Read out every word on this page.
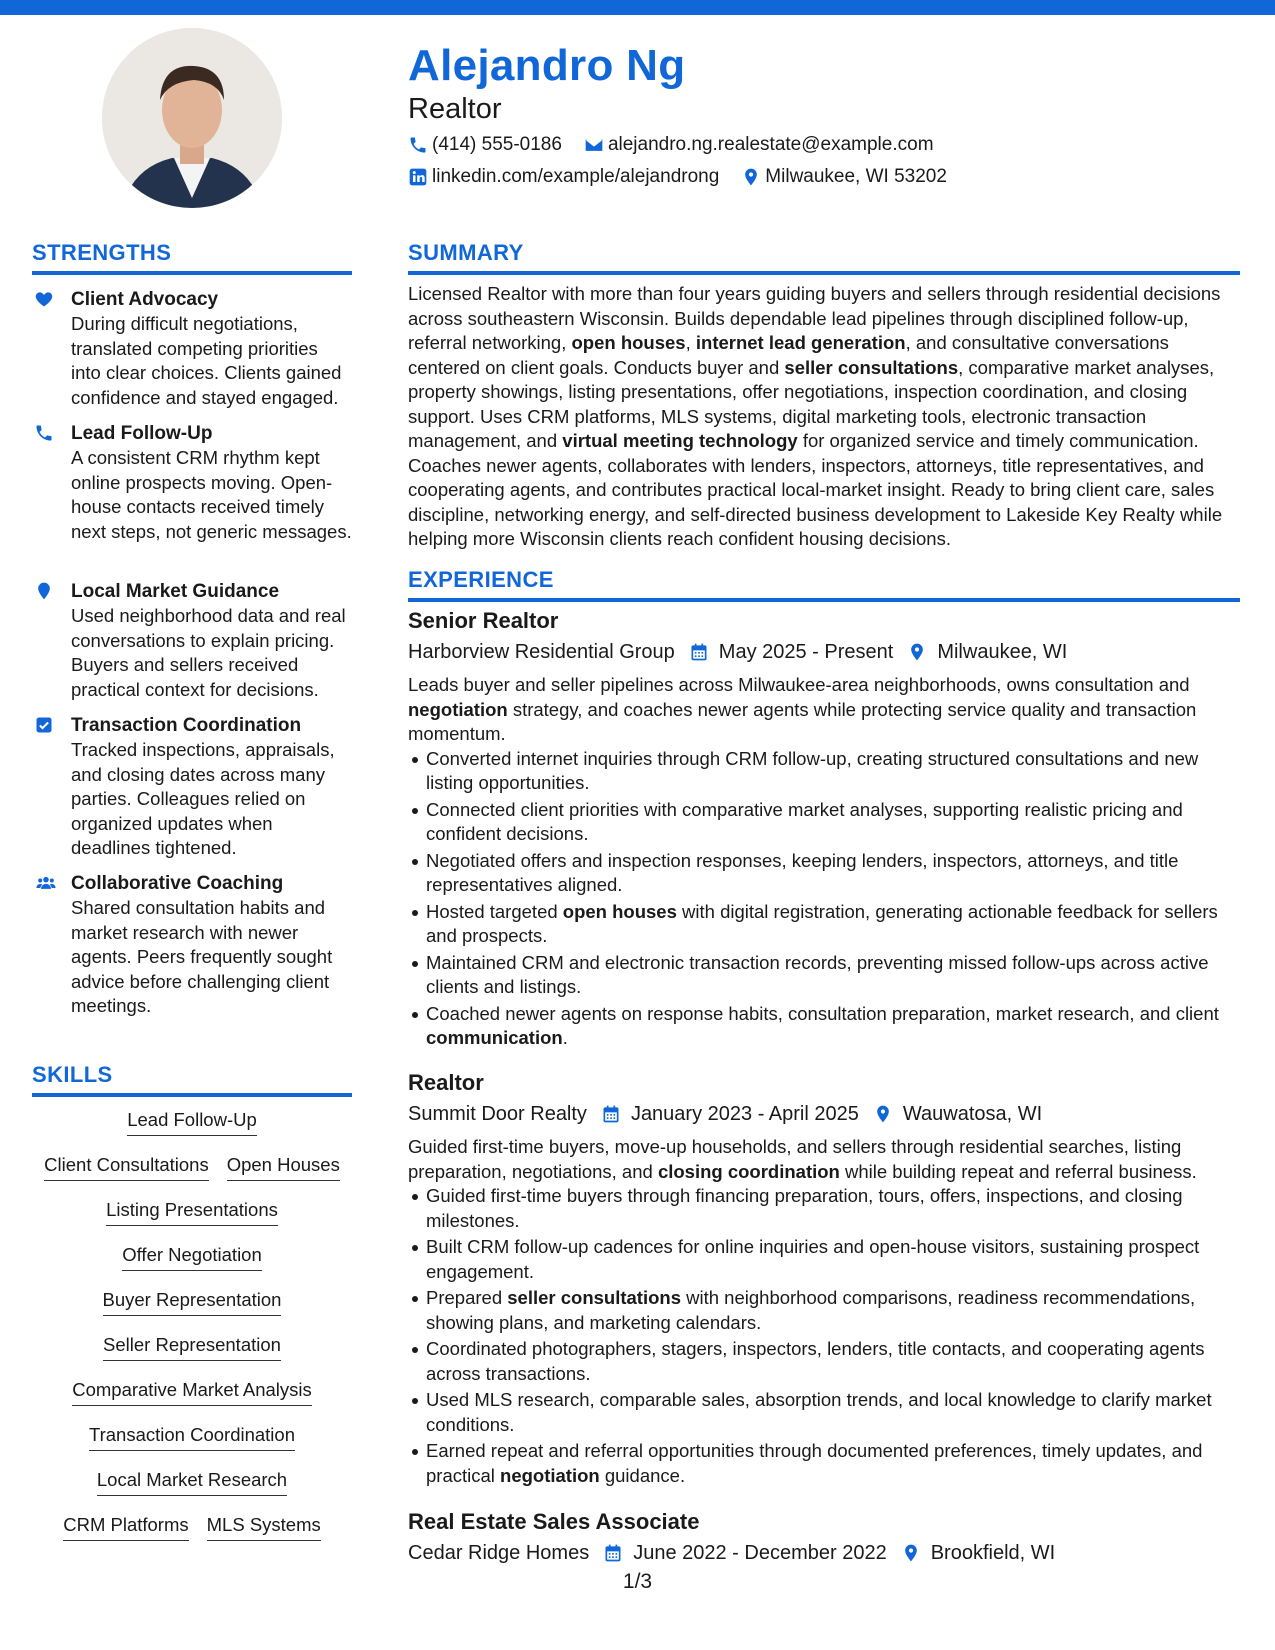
Alejandro Ng
Realtor
(414) 555-0186 alejandro.ng.realestate@example.com
linkedin.com/example/alejandrong Milwaukee, WI 53202
STRENGTHS
Client Advocacy
During difficult negotiations, translated competing priorities into clear choices. Clients gained confidence and stayed engaged.
Lead Follow-Up
A consistent CRM rhythm kept online prospects moving. Open-house contacts received timely next steps, not generic messages.
Local Market Guidance
Used neighborhood data and real conversations to explain pricing. Buyers and sellers received practical context for decisions.
Transaction Coordination
Tracked inspections, appraisals, and closing dates across many parties. Colleagues relied on organized updates when deadlines tightened.
Collaborative Coaching
Shared consultation habits and market research with newer agents. Peers frequently sought advice before challenging client meetings.
SKILLS
Lead Follow-Up
Client Consultations Open Houses
Listing Presentations
Offer Negotiation
Buyer Representation
Seller Representation
Comparative Market Analysis
Transaction Coordination
Local Market Research
CRM Platforms MLS Systems
SUMMARY
Licensed Realtor with more than four years guiding buyers and sellers through residential decisions across southeastern Wisconsin. Builds dependable lead pipelines through disciplined follow-up, referral networking, open houses, internet lead generation, and consultative conversations centered on client goals. Conducts buyer and seller consultations, comparative market analyses, property showings, listing presentations, offer negotiations, inspection coordination, and closing support. Uses CRM platforms, MLS systems, digital marketing tools, electronic transaction management, and virtual meeting technology for organized service and timely communication. Coaches newer agents, collaborates with lenders, inspectors, attorneys, title representatives, and cooperating agents, and contributes practical local-market insight. Ready to bring client care, sales discipline, networking energy, and self-directed business development to Lakeside Key Realty while helping more Wisconsin clients reach confident housing decisions.
EXPERIENCE
Senior Realtor
Harborview Residential Group May 2025 - Present Milwaukee, WI
Leads buyer and seller pipelines across Milwaukee-area neighborhoods, owns consultation and negotiation strategy, and coaches newer agents while protecting service quality and transaction momentum.
Converted internet inquiries through CRM follow-up, creating structured consultations and new listing opportunities.
Connected client priorities with comparative market analyses, supporting realistic pricing and confident decisions.
Negotiated offers and inspection responses, keeping lenders, inspectors, attorneys, and title representatives aligned.
Hosted targeted open houses with digital registration, generating actionable feedback for sellers and prospects.
Maintained CRM and electronic transaction records, preventing missed follow-ups across active clients and listings.
Coached newer agents on response habits, consultation preparation, market research, and client communication.
Realtor
Summit Door Realty January 2023 - April 2025 Wauwatosa, WI
Guided first-time buyers, move-up households, and sellers through residential searches, listing preparation, negotiations, and closing coordination while building repeat and referral business.
Guided first-time buyers through financing preparation, tours, offers, inspections, and closing milestones.
Built CRM follow-up cadences for online inquiries and open-house visitors, sustaining prospect engagement.
Prepared seller consultations with neighborhood comparisons, readiness recommendations, showing plans, and marketing calendars.
Coordinated photographers, stagers, inspectors, lenders, title contacts, and cooperating agents across transactions.
Used MLS research, comparable sales, absorption trends, and local knowledge to clarify market conditions.
Earned repeat and referral opportunities through documented preferences, timely updates, and practical negotiation guidance.
Real Estate Sales Associate
Cedar Ridge Homes June 2022 - December 2022 Brookfield, WI
1/3
